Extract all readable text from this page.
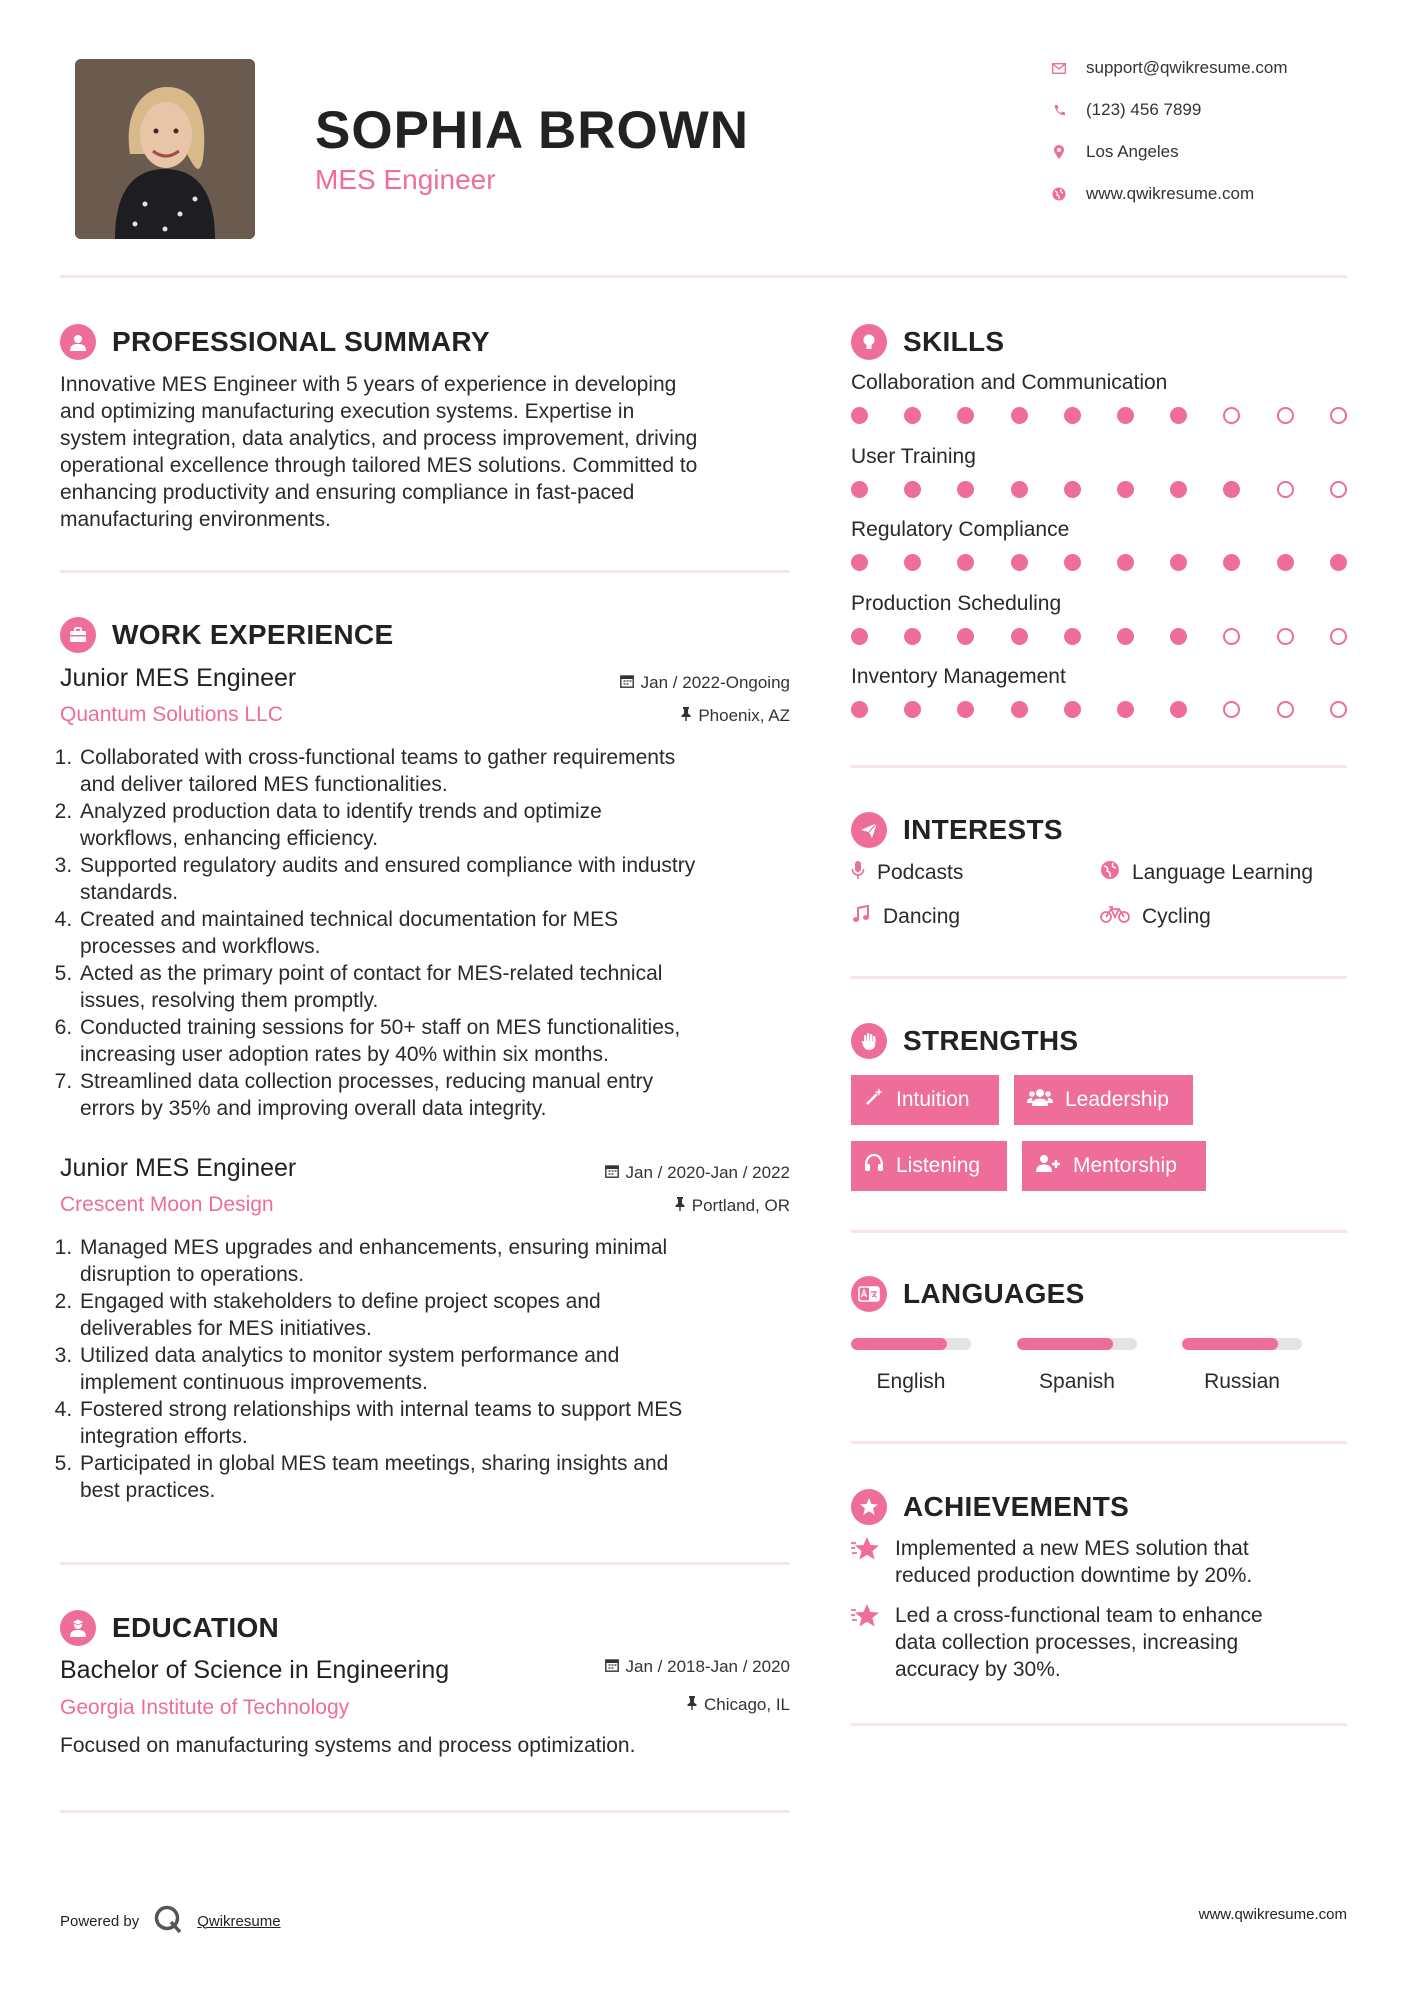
SOPHIA BROWN
MES Engineer
support@qwikresume.com
(123) 456 7899
Los Angeles
www.qwikresume.com
PROFESSIONAL SUMMARY
Innovative MES Engineer with 5 years of experience in developing
and optimizing manufacturing execution systems. Expertise in
system integration, data analytics, and process improvement, driving
operational excellence through tailored MES solutions. Committed to
enhancing productivity and ensuring compliance in fast-paced
manufacturing environments.
WORK EXPERIENCE
Junior MES Engineer	Jan / 2022-Ongoing
Quantum Solutions LLC	Phoenix, AZ
1. Collaborated with cross-functional teams to gather requirements
and deliver tailored MES functionalities.
2. Analyzed production data to identify trends and optimize
workflows, enhancing efficiency.
3. Supported regulatory audits and ensured compliance with industry
standards.
4. Created and maintained technical documentation for MES
processes and workflows.
5. Acted as the primary point of contact for MES-related technical
issues, resolving them promptly.
6. Conducted training sessions for 50+ staff on MES functionalities,
increasing user adoption rates by 40% within six months.
7. Streamlined data collection processes, reducing manual entry
errors by 35% and improving overall data integrity.
Junior MES Engineer	Jan / 2020-Jan / 2022
Crescent Moon Design	Portland, OR
1. Managed MES upgrades and enhancements, ensuring minimal
disruption to operations.
2. Engaged with stakeholders to define project scopes and
deliverables for MES initiatives.
3. Utilized data analytics to monitor system performance and
implement continuous improvements.
4. Fostered strong relationships with internal teams to support MES
integration efforts.
5. Participated in global MES team meetings, sharing insights and
best practices.
EDUCATION
Bachelor of Science in Engineering	Jan / 2018-Jan / 2020
Georgia Institute of Technology	Chicago, IL
Focused on manufacturing systems and process optimization.
SKILLS
Collaboration and Communication
User Training
Regulatory Compliance
Production Scheduling
Inventory Management
INTERESTS
Podcasts	Language Learning
Dancing	Cycling
STRENGTHS
Intuition	Leadership
Listening	Mentorship
LANGUAGES
English	Spanish	Russian
ACHIEVEMENTS
Implemented a new MES solution that
reduced production downtime by 20%.
Led a cross-functional team to enhance
data collection processes, increasing
accuracy by 30%.
Powered by	Qwikresume	www.qwikresume.com
